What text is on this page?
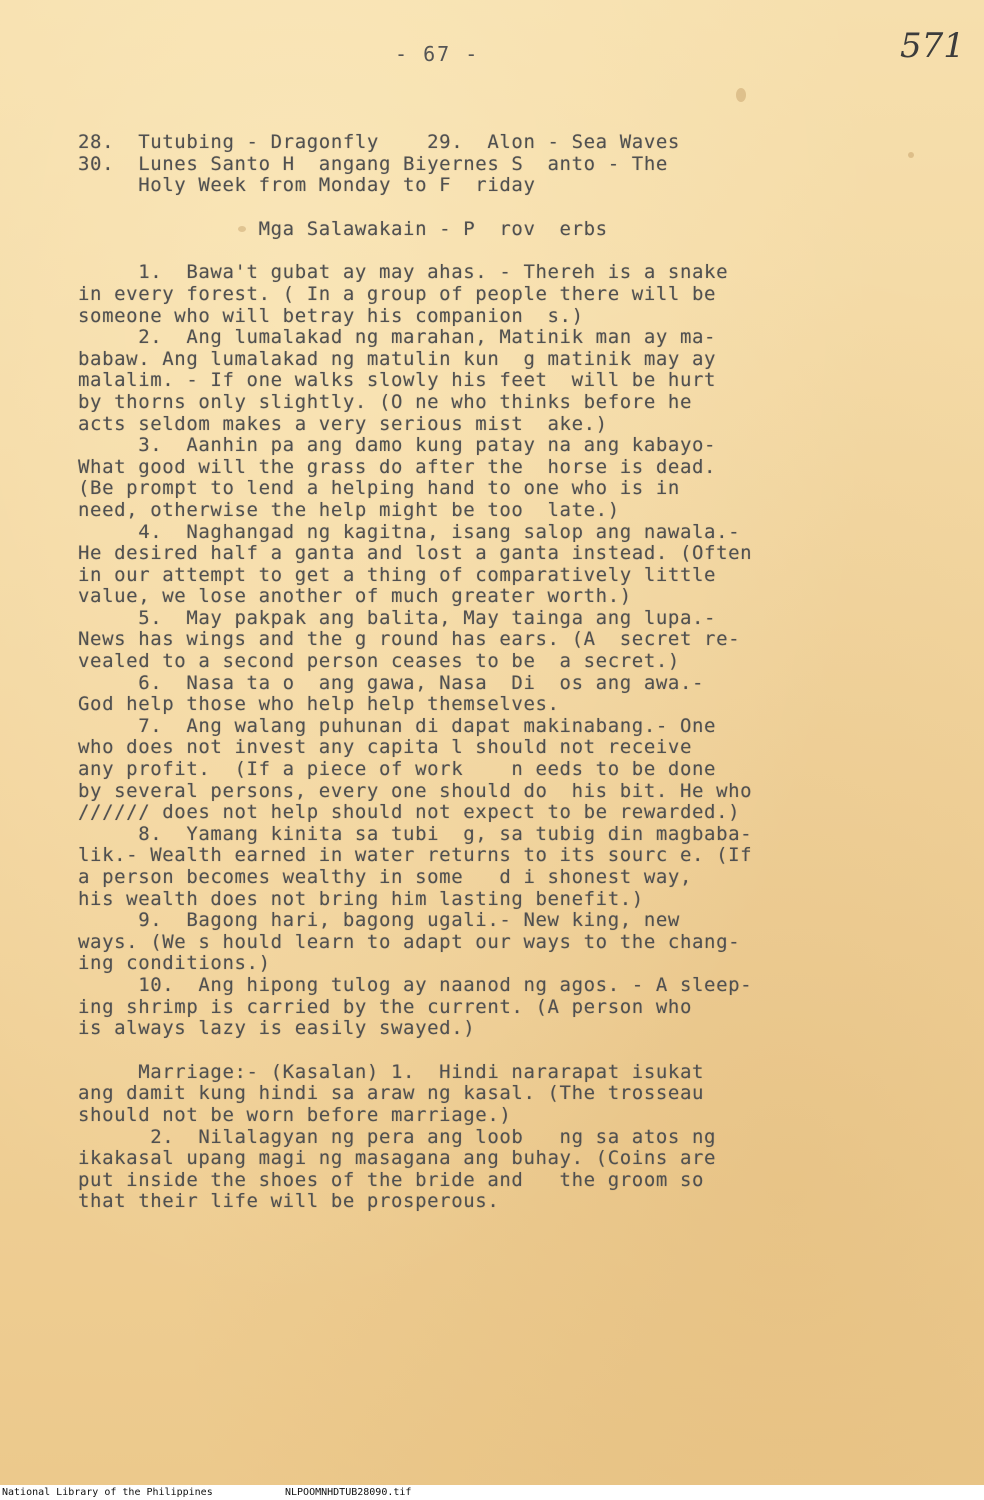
- 67 -	571
28.  Tutubing - Dragonfly    29.  Alon - Sea Waves
30.  Lunes Santo H  angang Biyernes S  anto - The
Holy Week from Monday to F  riday
Mga Salawakain - P  rov  erbs
1.  Bawa't gubat ay may ahas. - Thereh is a snake
in every forest. ( In a group of people there will be
someone who will betray his companion  s.)
2.  Ang lumalakad ng marahan, Matinik man ay ma-
babaw. Ang lumalakad ng matulin kun  g matinik may ay
malalim. - If one walks slowly his feet  will be hurt
by thorns only slightly. (O ne who thinks before he
acts seldom makes a very serious mist  ake.)
3.  Aanhin pa ang damo kung patay na ang kabayo-
What good will the grass do after the  horse is dead.
(Be prompt to lend a helping hand to one who is in
need, otherwise the help might be too  late.)
4.  Naghangad ng kagitna, isang salop ang nawala.-
He desired half a ganta and lost a ganta instead. (Often
in our attempt to get a thing of comparatively little
value, we lose another of much greater worth.)
5.  May pakpak ang balita, May tainga ang lupa.-
News has wings and the g round has ears. (A  secret re-
vealed to a second person ceases to be  a secret.)
6.  Nasa ta o  ang gawa, Nasa  Di  os ang awa.-
God help those who help help themselves.
7.  Ang walang puhunan di dapat makinabang.- One
who does not invest any capita l should not receive
any profit.  (If a piece of work    n eeds to be done
by several persons, every one should do  his bit. He who
////// does not help should not expect to be rewarded.)
8.  Yamang kinita sa tubi  g, sa tubig din magbaba-
lik.- Wealth earned in water returns to its sourc e. (If
a person becomes wealthy in some   d i shonest way,
his wealth does not bring him lasting benefit.)
9.  Bagong hari, bagong ugali.- New king, new
ways. (We s hould learn to adapt our ways to the chang-
ing conditions.)
10.  Ang hipong tulog ay naanod ng agos. - A sleep-
ing shrimp is carried by the current. (A person who
is always lazy is easily swayed.)
Marriage:- (Kasalan) 1.  Hindi nararapat isukat
ang damit kung hindi sa araw ng kasal. (The trosseau
should not be worn before marriage.)
2.  Nilalagyan ng pera ang loob   ng sa atos ng
ikakasal upang magi ng masagana ang buhay. (Coins are
put inside the shoes of the bride and   the groom so
that their life will be prosperous.
National Library of the Philippines	NLPOOMNHDTUB28090.tif
